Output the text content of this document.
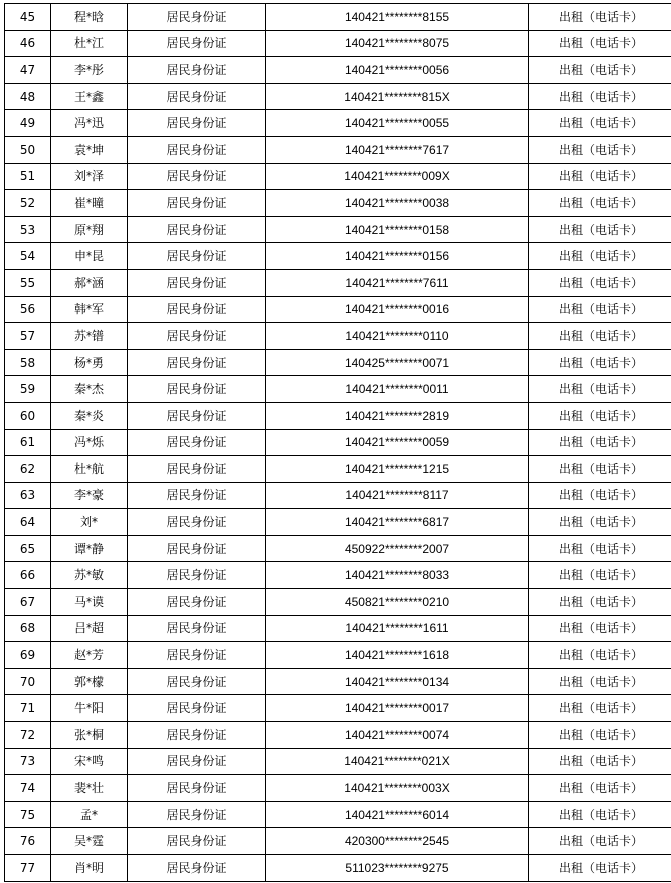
45	程*晗	居民身份证	140421********8155	出租（电话卡）
46	杜*江	居民身份证	140421********8075	出租（电话卡）
47	李*彤	居民身份证	140421********0056	出租（电话卡）
48	王*鑫	居民身份证	140421********815X	出租（电话卡）
49	冯*迅	居民身份证	140421********0055	出租（电话卡）
50	袁*坤	居民身份证	140421********7617	出租（电话卡）
51	刘*泽	居民身份证	140421********009X	出租（电话卡）
52	崔*曈	居民身份证	140421********0038	出租（电话卡）
53	原*翔	居民身份证	140421********0158	出租（电话卡）
54	申*昆	居民身份证	140421********0156	出租（电话卡）
55	郝*涵	居民身份证	140421********7611	出租（电话卡）
56	韩*军	居民身份证	140421********0016	出租（电话卡）
57	苏*镨	居民身份证	140421********0110	出租（电话卡）
58	杨*勇	居民身份证	140425********0071	出租（电话卡）
59	秦*杰	居民身份证	140421********0011	出租（电话卡）
60	秦*炎	居民身份证	140421********2819	出租（电话卡）
61	冯*烁	居民身份证	140421********0059	出租（电话卡）
62	杜*航	居民身份证	140421********1215	出租（电话卡）
63	李*豪	居民身份证	140421********8117	出租（电话卡）
64	刘*	居民身份证	140421********6817	出租（电话卡）
65	谭*静	居民身份证	450922********2007	出租（电话卡）
66	苏*敏	居民身份证	140421********8033	出租（电话卡）
67	马*谟	居民身份证	450821********0210	出租（电话卡）
68	吕*超	居民身份证	140421********1611	出租（电话卡）
69	赵*芳	居民身份证	140421********1618	出租（电话卡）
70	郭*檬	居民身份证	140421********0134	出租（电话卡）
71	牛*阳	居民身份证	140421********0017	出租（电话卡）
72	张*桐	居民身份证	140421********0074	出租（电话卡）
73	宋*鸣	居民身份证	140421********021X	出租（电话卡）
74	裴*壮	居民身份证	140421********003X	出租（电话卡）
75	孟*	居民身份证	140421********6014	出租（电话卡）
76	吴*霆	居民身份证	420300********2545	出租（电话卡）
77	肖*明	居民身份证	511023********9275	出租（电话卡）
